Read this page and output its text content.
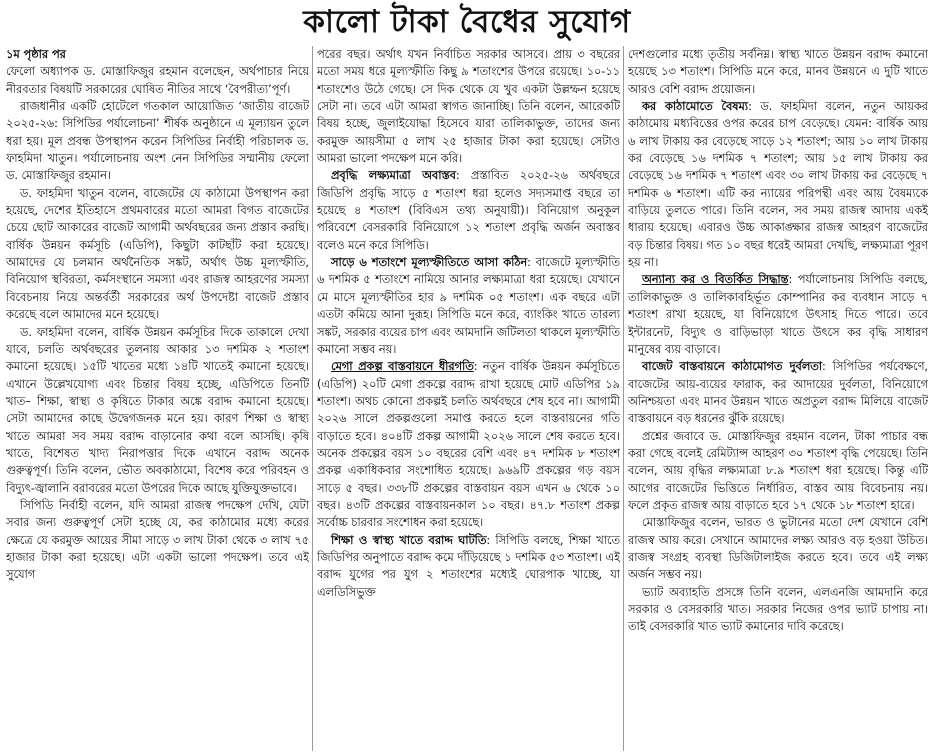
কালো টাকা বৈধের সুযোগ
১ম পৃষ্ঠার পর

ফেলো অধ্যাপক ড. মোস্তাফিজুর রহমান বলেছেন, অর্থপাচার নিয়ে নীরবতার বিষয়টি সরকারের ঘোষিত নীতির সাথে ‘বৈপরীত্য’পূর্ণ।

রাজধানীর একটি হোটেলে গতকাল আয়োজিত ‘জাতীয় বাজেট ২০২৫-২৬: সিপিডির পর্যালোচনা’ শীর্ষক অনুষ্ঠানে এ মূল্যায়ন তুলে ধরা হয়। মূল প্রবন্ধ উপস্থাপন করেন সিপিডির নির্বাহী পরিচালক ড. ফাহমিদা খাতুন। পর্যালোচনায় অংশ নেন সিপিডির সম্মানীয় ফেলো ড. মোস্তাফিজুর রহমান।

ড. ফাহমিদা খাতুন বলেন, বাজেটের যে কাঠামো উপস্থাপন করা হয়েছে, দেশের ইতিহাসে প্রথমবারের মতো আমরা বিগত বাজেটের চেয়ে ছোট আকারের বাজেট আগামী অর্থবছরের জন্য প্রস্তাব করছি। বার্ষিক উন্নয়ন কর্মসূচি (এডিপি), কিছুটা কাটছাঁট করা হয়েছে। আমাদের যে চলমান অর্থনৈতিক সঙ্কট, অর্থাৎ উচ্চ মূল্যস্ফীতি, বিনিয়োগ স্থবিরতা, কর্মসংস্থানে সমস্যা এবং রাজস্ব আহরণের সমস্যা বিবেচনায় নিয়ে অন্তর্বর্তী সরকারের অর্থ উপদেষ্টা বাজেট প্রস্তাব করেছে বলে আমাদের মনে হয়েছে।

ড. ফাহমিদা বলেন, বার্ষিক উন্নয়ন কর্মসূচির দিকে তাকালে দেখা যাবে, চলতি অর্থবছরের তুলনায় আকার ১৩ দশমিক ২ শতাংশ কমানো হয়েছে। ১৫টি খাতের মধ্যে ১৪টি খাতেই কমানো হয়েছে। এখানে উল্লেখযোগ্য এবং চিন্তার বিষয় হচ্ছে, এডিপিতে তিনটি খাত– শিক্ষা, স্বাস্থ্য ও কৃষিতে টাকার অঙ্কে বরাদ্দ কমানো হয়েছে। সেটা আমাদের কাছে উদ্বেগজনক মনে হয়। কারণ শিক্ষা ও স্বাস্থ্য খাতে আমরা সব সময় বরাদ্দ বাড়ানোর কথা বলে আসছি। কৃষি খাতে, বিশেষত খাদ্য নিরাপত্তার দিকে এখানে বরাদ্দ অনেক গুরুত্বপূর্ণ। তিনি বলেন, ভৌত অবকাঠামো, বিশেষ করে পরিবহন ও বিদ্যুৎ-জ্বালানি বরাবরের মতো উপরের দিকে আছে যুক্তিযুক্তভাবে।

সিপিডি নির্বাহী বলেন, যদি আমরা রাজস্ব পদক্ষেপ দেখি, যেটা সবার জন্য গুরুত্বপূর্ণ সেটা হচ্ছে যে, কর কাঠামোর মধ্যে করের ক্ষেত্রে যে করমুক্ত আয়ের সীমা সাড়ে ৩ লাখ টাকা থেকে ৩ লাখ ৭৫ হাজার টাকা করা হয়েছে। এটা একটা ভালো পদক্ষেপ। তবে এই সুযোগ

পরের বছর। অর্থাৎ যখন নির্বাচিত সরকার আসবে। প্রায় ৩ বছরের মতো সময় ধরে মূল্যস্ফীতি কিছু ৯ শতাংশের উপরে রয়েছে। ১০-১১ শতাংশেও উঠে গেছে। সে দিক থেকে যে খুব একটা উল্লম্ফন হয়েছে সেটা না। তবে এটা আমরা স্বাগত জানাচ্ছি। তিনি বলেন, আরেকটি বিষয় হচ্ছে, জুলাইযোদ্ধা হিসেবে যারা তালিকাভুক্ত, তাদের জন্য করমুক্ত আয়সীমা ৫ লাখ ২৫ হাজার টাকা করা হয়েছে। সেটাও আমরা ভালো পদক্ষেপ মনে করি।

প্রবৃদ্ধি লক্ষ্যমাত্রা অবাস্তব: প্রস্তাবিত ২০২৫-২৬ অর্থবছরে জিডিপি প্রবৃদ্ধি সাড়ে ৫ শতাংশ ধরা হলেও সদ্যসমাপ্ত বছরে তা হয়েছে ৪ শতাংশ (বিবিএস তথ্য অনুযায়ী)। বিনিয়োগ অনুকূল পরিবেশে বেসরকারি বিনিয়োগে ১২ শতাংশ প্রবৃদ্ধি অর্জন অবাস্তব বলেও মনে করে সিপিডি।

সাড়ে ৬ শতাংশে মূল্যস্ফীতিতে আসা কঠিন: বাজেটে মূল্যস্ফীতি ৬ দশমিক ৫ শতাংশে নামিয়ে আনার লক্ষ্যমাত্রা ধরা হয়েছে। যেখানে মে মাসে মূল্যস্ফীতির হার ৯ দশমিক ০৫ শতাংশ। এক বছরে এটা এতটা কমিয়ে আনা দুরূহ। সিপিডি মনে করে, ব্যাংকিং খাতে তারল্য সঙ্কট, সরকার ব্যয়ের চাপ এবং আমদানি জটিলতা থাকলে মূল্যস্ফীতি কমানো সম্ভব নয়।

মেগা প্রকল্প বাস্তবায়নে ধীরগতি: নতুন বার্ষিক উন্নয়ন কর্মসূচিতে (এডিপি) ২০টি মেগা প্রকল্পে বরাদ্দ রাখা হয়েছে মোট এডিপির ১৯ শতাংশ। অথচ কোনো প্রকল্পই চলতি অর্থবছরে শেষ হবে না। আগামী ২০২৬ সালে প্রকল্পগুলো সমাপ্ত করতে হলে বাস্তবায়নের গতি বাড়াতে হবে। ৪০৪টি প্রকল্প আগামী ২০২৬ সালে শেষ করতে হবে। অনেক প্রকল্পের বয়স ১০ বছরের বেশি এবং ৪৭ দশমিক ৮ শতাংশ প্রকল্প একাধিকবার সংশোধিত হয়েছে। ৯৬৯টি প্রকল্পের গড় বয়স সাড়ে ৫ বছর। ৩৩৮টি প্রকল্পের বাস্তবায়ন বয়স এখন ৬ থেকে ১০ বছর। ৪৩টি প্রকল্পের বাস্তবায়নকাল ১০ বছর। ৪৭.৮ শতাংশ প্রকল্প সর্বোচ্চ চারবার সংশোধন করা হয়েছে।

শিক্ষা ও স্বাস্থ্য খাতে বরাদ্দ ঘাটতি: সিপিডি বলছে, শিক্ষা খাতে জিডিপির অনুপাতে বরাদ্দ কমে দাঁড়িয়েছে ১ দশমিক ৫৩ শতাংশ। এই বরাদ্দ যুগের পর যুগ ২ শতাংশের মধ্যেই ঘোরপাক খাচ্ছে, যা এলডিসিভুক্ত

দেশগুলোর মধ্যে তৃতীয় সর্বনিম্ন। স্বাস্থ্য খাতে উন্নয়ন বরাদ্দ কমানো হয়েছে ১৩ শতাংশ। সিপিডি মনে করে, মানব উন্নয়নে এ দুটি খাতে আরও বেশি বরাদ্দ প্রয়োজন।

কর কাঠামোতে বৈষম্য: ড. ফাহমিদা বলেন, নতুন আয়কর কাঠামোয় মধ্যবিত্তের ওপর করের চাপ বেড়েছে। যেমন: বার্ষিক আয় ৬ লাখ টাকায় কর বেড়েছে সাড়ে ১২ শতাংশ; আয় ১০ লাখ টাকায় কর বেড়েছে ১৬ দশমিক ৭ শতাংশ; আয় ১৫ লাখ টাকায় কর বেড়েছে ১৬ দশমিক ৭ শতাংশ এবং ৩০ লাখ টাকায় কর বেড়েছে ৭ দশমিক ৬ শতাংশ। এটি কর ন্যায়ের পরিপন্থী এবং আয় বৈষম্যকে বাড়িয়ে তুলতে পারে। তিনি বলেন, সব সময় রাজস্ব আদায় একই ধারায় হয়েছে। এবারও উচ্চ আকাঙ্ক্ষার রাজস্ব আহরণ বাজেটের বড় চিন্তার বিষয়। গত ১০ বছর ধরেই আমরা দেখছি, লক্ষ্যমাত্রা পূরণ হয় না।

অন্যান্য কর ও বিতর্কিত সিদ্ধান্ত: পর্যালোচনায় সিপিডি বলছে, তালিকাভুক্ত ও তালিকাবহির্ভূত কোম্পানির কর ব্যবধান সাড়ে ৭ শতাংশ রাখা হয়েছে, যা বিনিয়োগে উৎসাহ দিতে পারে। তবে ইন্টারনেট, বিদ্যুৎ ও বাড়িভাড়া খাতে উৎসে কর বৃদ্ধি সাধারণ মানুষের ব্যয় বাড়াবে।

বাজেট বাস্তবায়নে কাঠামোগত দুর্বলতা: সিপিডির পর্যবেক্ষণে, বাজেটের আয়-ব্যয়ের ফারাক, কর আদায়ের দুর্বলতা, বিনিয়োগে অনিশ্চয়তা এবং মানব উন্নয়ন খাতে অপ্রতুল বরাদ্দ মিলিয়ে বাজেট বাস্তবায়নে বড় ধরনের ঝুঁকি রয়েছে।

প্রশ্নের জবাবে ড. মোস্তাফিজুর রহমান বলেন, টাকা পাচার বন্ধ করা গেছে বলেই রেমিট্যান্স আহরণ ৩০ শতাংশ বৃদ্ধি পেয়েছে। তিনি বলেন, আয় বৃদ্ধির লক্ষ্যমাত্রা ৮.৯ শতাংশ ধরা হয়েছে। কিন্তু এটি আগের বাজেটের ভিত্তিতে নির্ধারিত, বাস্তব আয় বিবেচনায় নয়। ফলে প্রকৃত রাজস্ব আয় বাড়াতে হবে ১৭ থেকে ১৮ শতাংশ হারে।

মোস্তাফিজুর বলেন, ভারত ও ভুটানের মতো দেশ যেখানে বেশি রাজস্ব আয় করে। সেখানে আমাদের লক্ষ্য আরও বড় হওয়া উচিত। রাজস্ব সংগ্রহ ব্যবস্থা ডিজিটালাইজ করতে হবে। তবে এই লক্ষ্য অর্জন সম্ভব নয়।

ভ্যাট অব্যাহতি প্রসঙ্গে তিনি বলেন, এলএনজি আমদানি করে সরকার ও বেসরকারি খাত। সরকার নিজের ওপর ভ্যাট চাপায় না। তাই বেসরকারি খাত ভ্যাট কমানোর দাবি করেছে।
